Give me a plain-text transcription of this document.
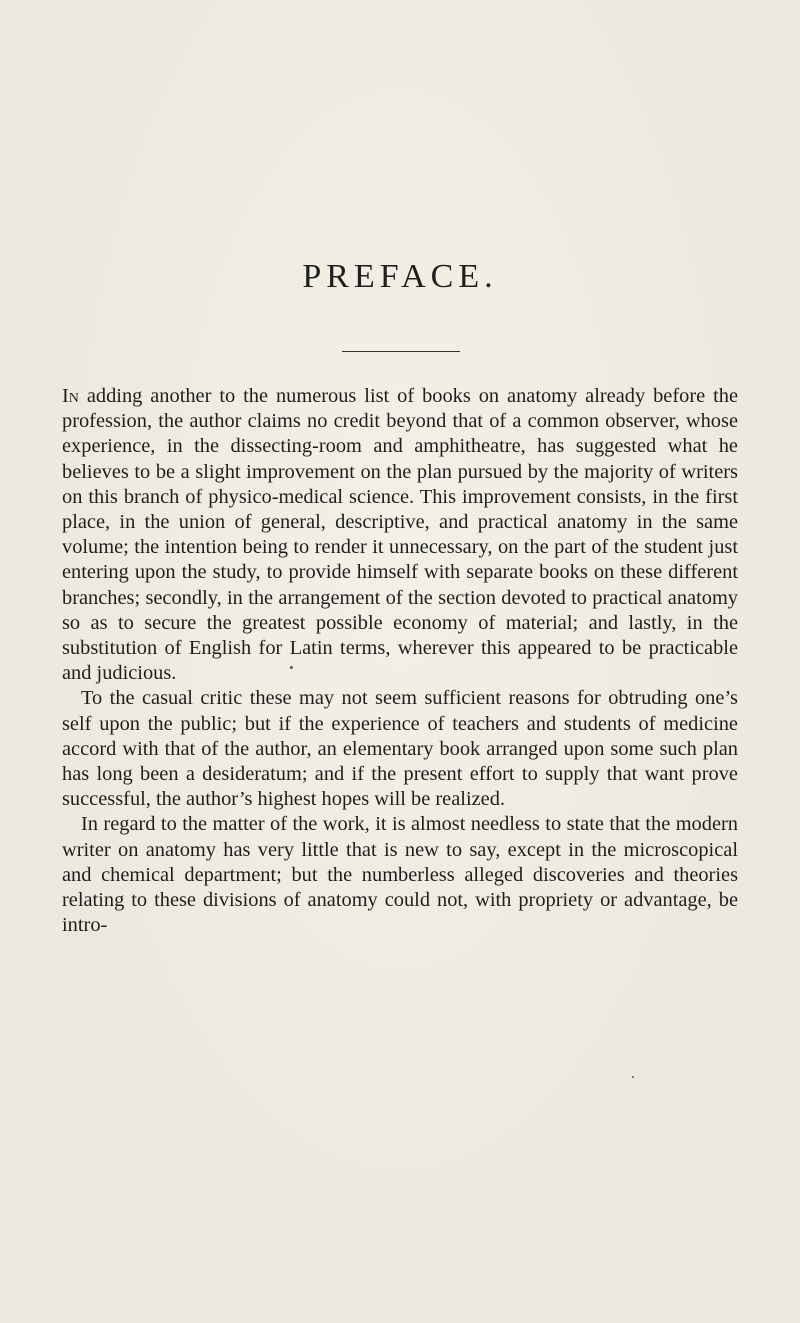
PREFACE.

In adding another to the numerous list of books on anatomy already before the profession, the author claims no credit beyond that of a common observer, whose experience, in the dissecting-room and amphitheatre, has suggested what he believes to be a slight improvement on the plan pursued by the majority of writers on this branch of physico-medical science. This improvement consists, in the first place, in the union of general, descriptive, and practical anatomy in the same volume; the intention being to render it unnecessary, on the part of the student just entering upon the study, to provide himself with separate books on these different branches; secondly, in the arrangement of the section devoted to practical anatomy so as to secure the greatest possible economy of material; and lastly, in the substitution of English for Latin terms, wherever this appeared to be practicable and judicious.

To the casual critic these may not seem sufficient reasons for obtruding one’s self upon the public; but if the experience of teachers and students of medicine accord with that of the author, an elementary book arranged upon some such plan has long been a desideratum; and if the present effort to supply that want prove successful, the author’s highest hopes will be realized.

In regard to the matter of the work, it is almost needless to state that the modern writer on anatomy has very little that is new to say, except in the microscopical and chemical department; but the numberless alleged discoveries and theories relating to these divisions of anatomy could not, with propriety or advantage, be intro-
